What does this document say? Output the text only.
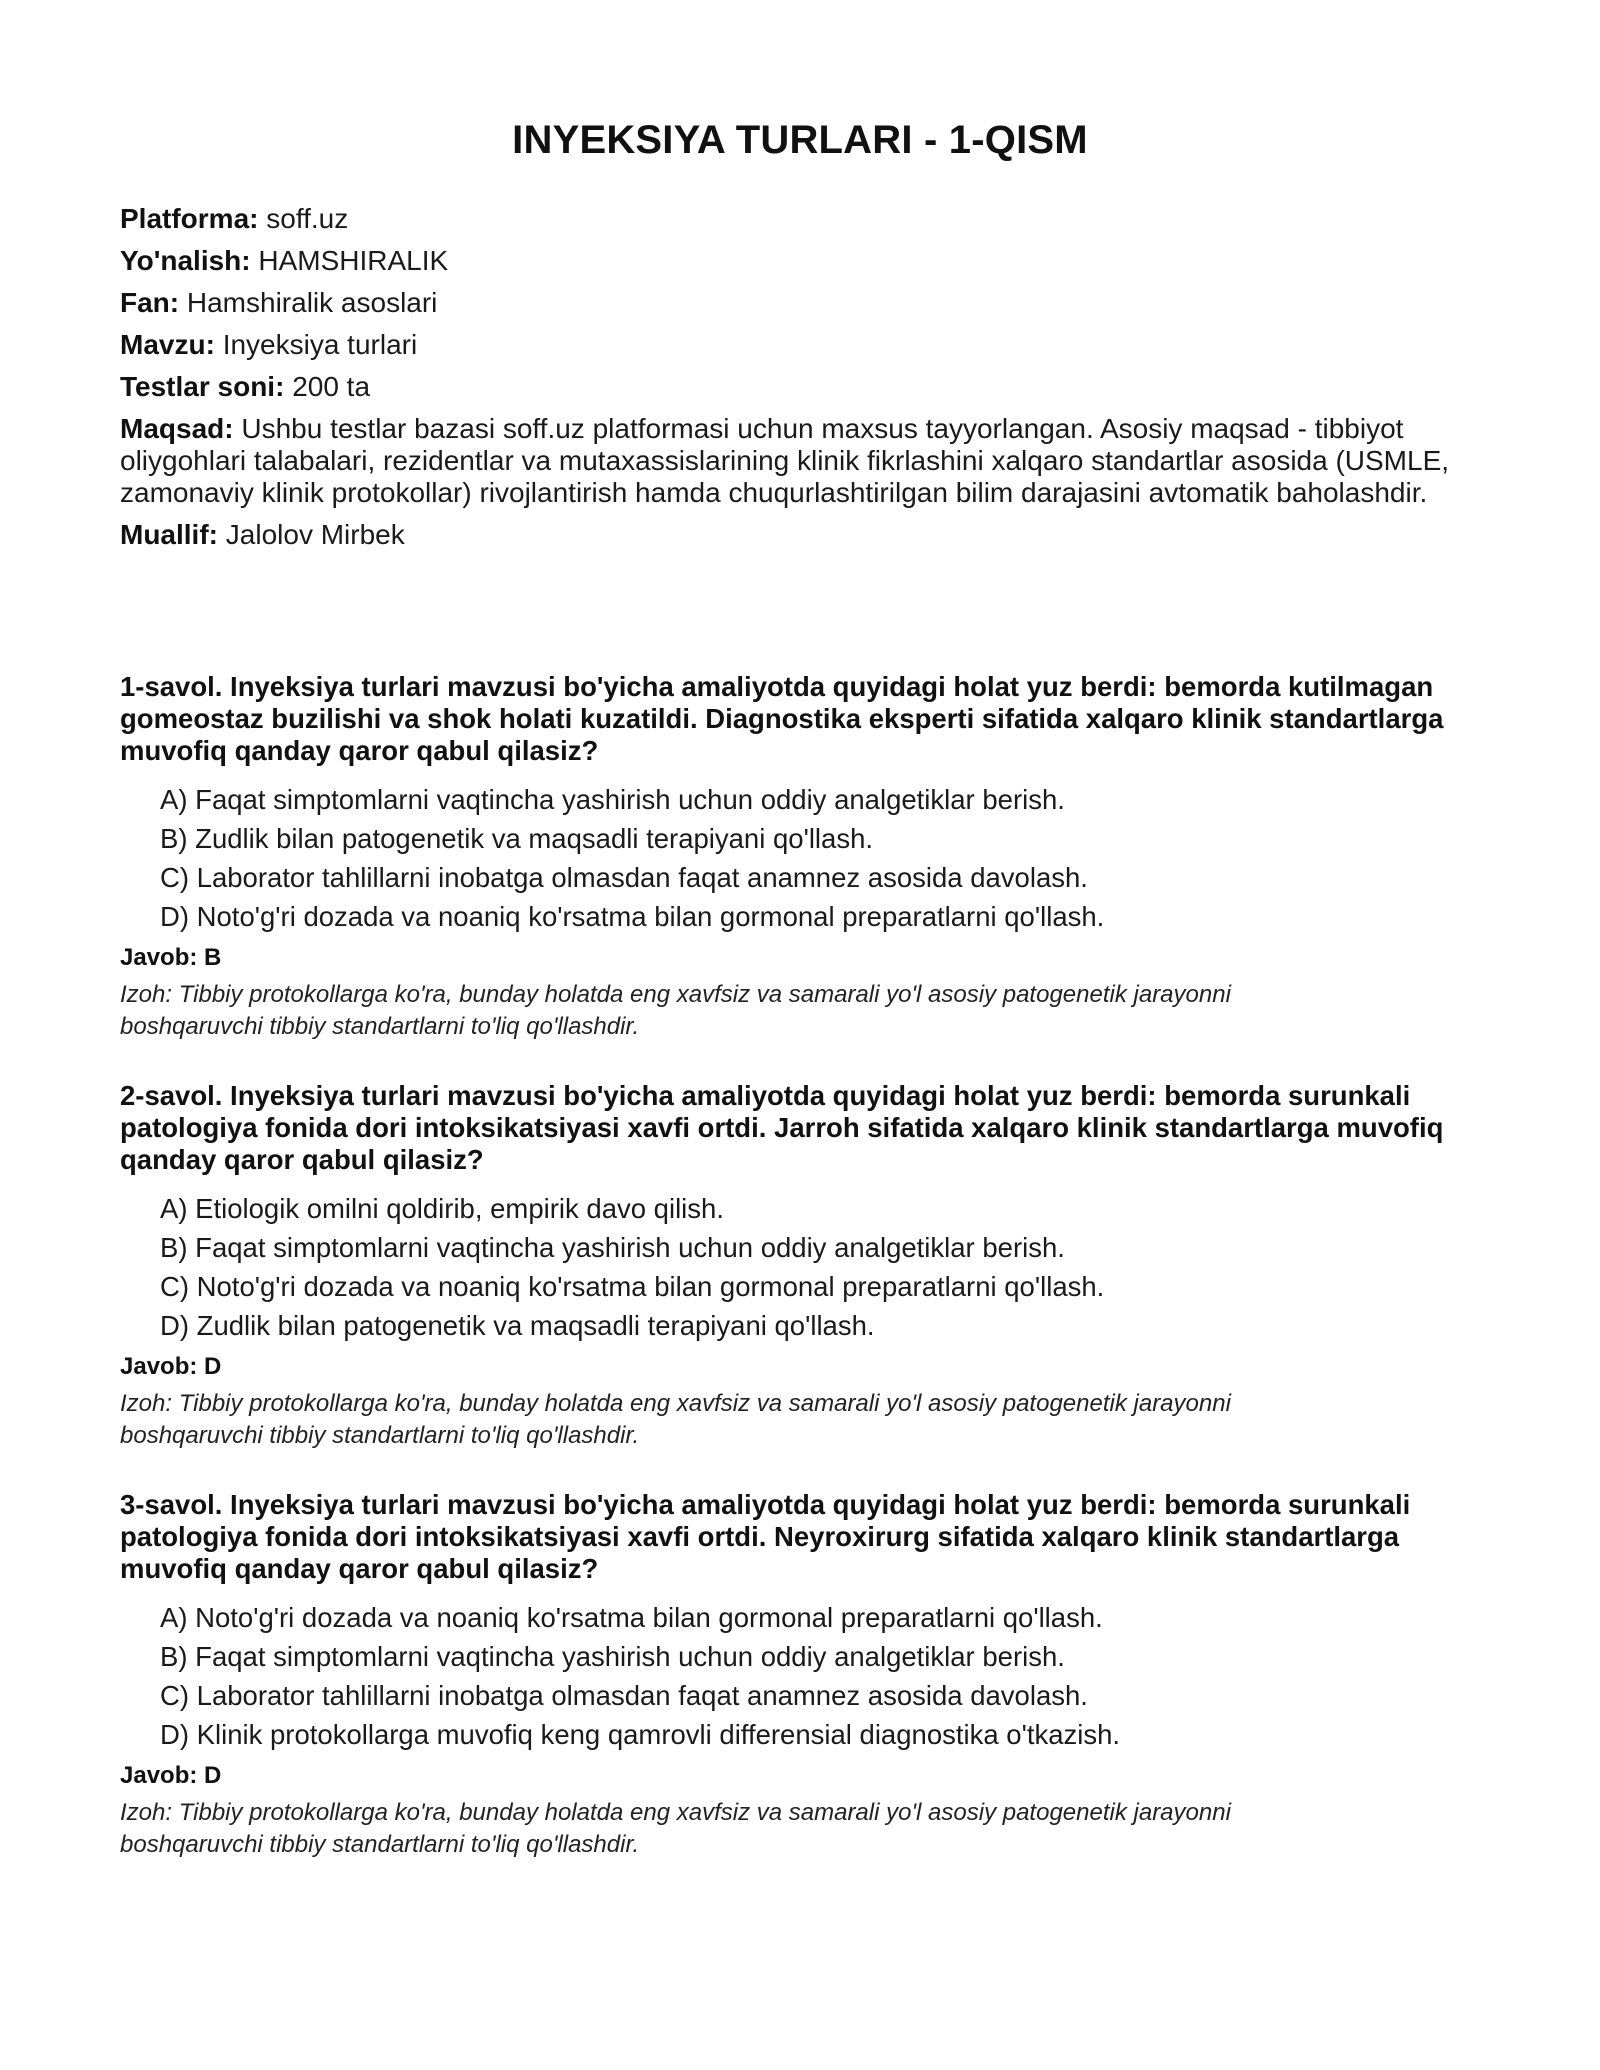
INYEKSIYA TURLARI - 1-QISM
Platforma: soff.uz
Yo'nalish: HAMSHIRALIK
Fan: Hamshiralik asoslari
Mavzu: Inyeksiya turlari
Testlar soni: 200 ta
Maqsad: Ushbu testlar bazasi soff.uz platformasi uchun maxsus tayyorlangan. Asosiy maqsad - tibbiyot oliygohlari talabalari, rezidentlar va mutaxassislarining klinik fikrlashini xalqaro standartlar asosida (USMLE, zamonaviy klinik protokollar) rivojlantirish hamda chuqurlashtirilgan bilim darajasini avtomatik baholashdir.
Muallif: Jalolov Mirbek
1-savol. Inyeksiya turlari mavzusi bo'yicha amaliyotda quyidagi holat yuz berdi: bemorda kutilmagan gomeostaz buzilishi va shok holati kuzatildi. Diagnostika eksperti sifatida xalqaro klinik standartlarga muvofiq qanday qaror qabul qilasiz?
A) Faqat simptomlarni vaqtincha yashirish uchun oddiy analgetiklar berish.
B) Zudlik bilan patogenetik va maqsadli terapiyani qo'llash.
C) Laborator tahlillarni inobatga olmasdan faqat anamnez asosida davolash.
D) Noto'g'ri dozada va noaniq ko'rsatma bilan gormonal preparatlarni qo'llash.
Javob: B
Izoh: Tibbiy protokollarga ko'ra, bunday holatda eng xavfsiz va samarali yo'l asosiy patogenetik jarayonni boshqaruvchi tibbiy standartlarni to'liq qo'llashdir.
2-savol. Inyeksiya turlari mavzusi bo'yicha amaliyotda quyidagi holat yuz berdi: bemorda surunkali patologiya fonida dori intoksikatsiyasi xavfi ortdi. Jarroh sifatida xalqaro klinik standartlarga muvofiq qanday qaror qabul qilasiz?
A) Etiologik omilni qoldirib, empirik davo qilish.
B) Faqat simptomlarni vaqtincha yashirish uchun oddiy analgetiklar berish.
C) Noto'g'ri dozada va noaniq ko'rsatma bilan gormonal preparatlarni qo'llash.
D) Zudlik bilan patogenetik va maqsadli terapiyani qo'llash.
Javob: D
Izoh: Tibbiy protokollarga ko'ra, bunday holatda eng xavfsiz va samarali yo'l asosiy patogenetik jarayonni boshqaruvchi tibbiy standartlarni to'liq qo'llashdir.
3-savol. Inyeksiya turlari mavzusi bo'yicha amaliyotda quyidagi holat yuz berdi: bemorda surunkali patologiya fonida dori intoksikatsiyasi xavfi ortdi. Neyroxirurg sifatida xalqaro klinik standartlarga muvofiq qanday qaror qabul qilasiz?
A) Noto'g'ri dozada va noaniq ko'rsatma bilan gormonal preparatlarni qo'llash.
B) Faqat simptomlarni vaqtincha yashirish uchun oddiy analgetiklar berish.
C) Laborator tahlillarni inobatga olmasdan faqat anamnez asosida davolash.
D) Klinik protokollarga muvofiq keng qamrovli differensial diagnostika o'tkazish.
Javob: D
Izoh: Tibbiy protokollarga ko'ra, bunday holatda eng xavfsiz va samarali yo'l asosiy patogenetik jarayonni boshqaruvchi tibbiy standartlarni to'liq qo'llashdir.
